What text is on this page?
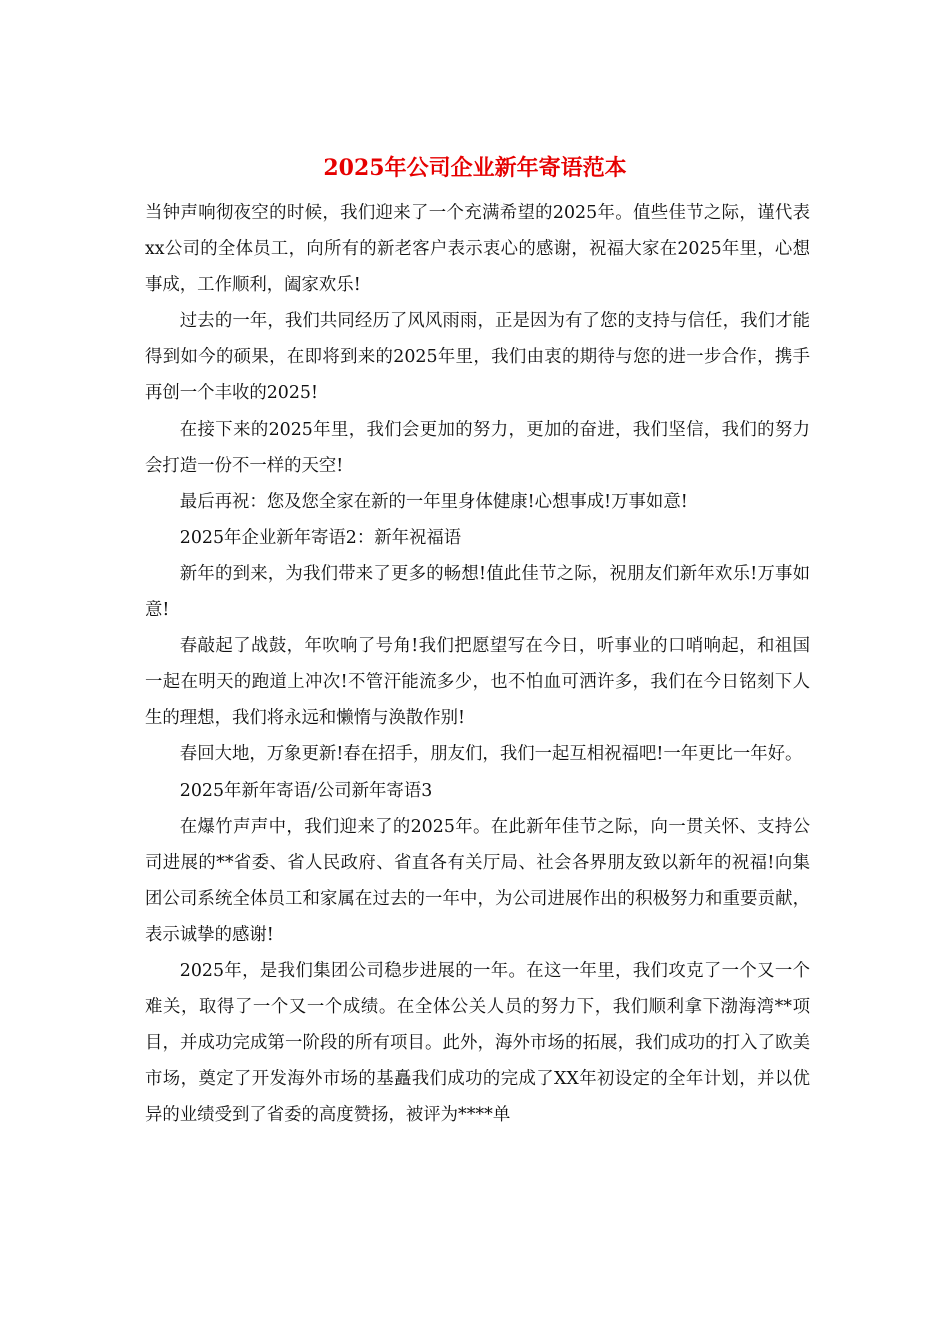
2025年公司企业新年寄语范本

当钟声响彻夜空的时候，我们迎来了一个充满希望的2025年。值些佳节之际，谨代表xx公司的全体员工，向所有的新老客户表示衷心的感谢，祝福大家在2025年里，心想事成，工作顺利，阖家欢乐!

过去的一年，我们共同经历了风风雨雨，正是因为有了您的支持与信任，我们才能得到如今的硕果，在即将到来的2025年里，我们由衷的期待与您的进一步合作，携手再创一个丰收的2025!

在接下来的2025年里，我们会更加的努力，更加的奋进，我们坚信，我们的努力会打造一份不一样的天空!

最后再祝：您及您全家在新的一年里身体健康!心想事成!万事如意!

2025年企业新年寄语2：新年祝福语

新年的到来，为我们带来了更多的畅想!值此佳节之际，祝朋友们新年欢乐!万事如意!

春敲起了战鼓，年吹响了号角!我们把愿望写在今日，听事业的口哨响起，和祖国一起在明天的跑道上冲次!不管汗能流多少，也不怕血可洒许多，我们在今日铭刻下人生的理想，我们将永远和懒惰与涣散作别!

春回大地，万象更新!春在招手，朋友们，我们一起互相祝福吧!一年更比一年好。

2025年新年寄语/公司新年寄语3

在爆竹声声中，我们迎来了的2025年。在此新年佳节之际，向一贯关怀、支持公司进展的**省委、省人民政府、省直各有关厅局、社会各界朋友致以新年的祝福!向集团公司系统全体员工和家属在过去的一年中，为公司进展作出的积极努力和重要贡献，表示诚挚的感谢!

2025年，是我们集团公司稳步进展的一年。在这一年里，我们攻克了一个又一个难关，取得了一个又一个成绩。在全体公关人员的努力下，我们顺利拿下渤海湾**项目，并成功完成第一阶段的所有项目。此外，海外市场的拓展，我们成功的打入了欧美市场，奠定了开发海外市场的基矗我们成功的完成了XX年初设定的全年计划，并以优异的业绩受到了省委的高度赞扬，被评为****单
